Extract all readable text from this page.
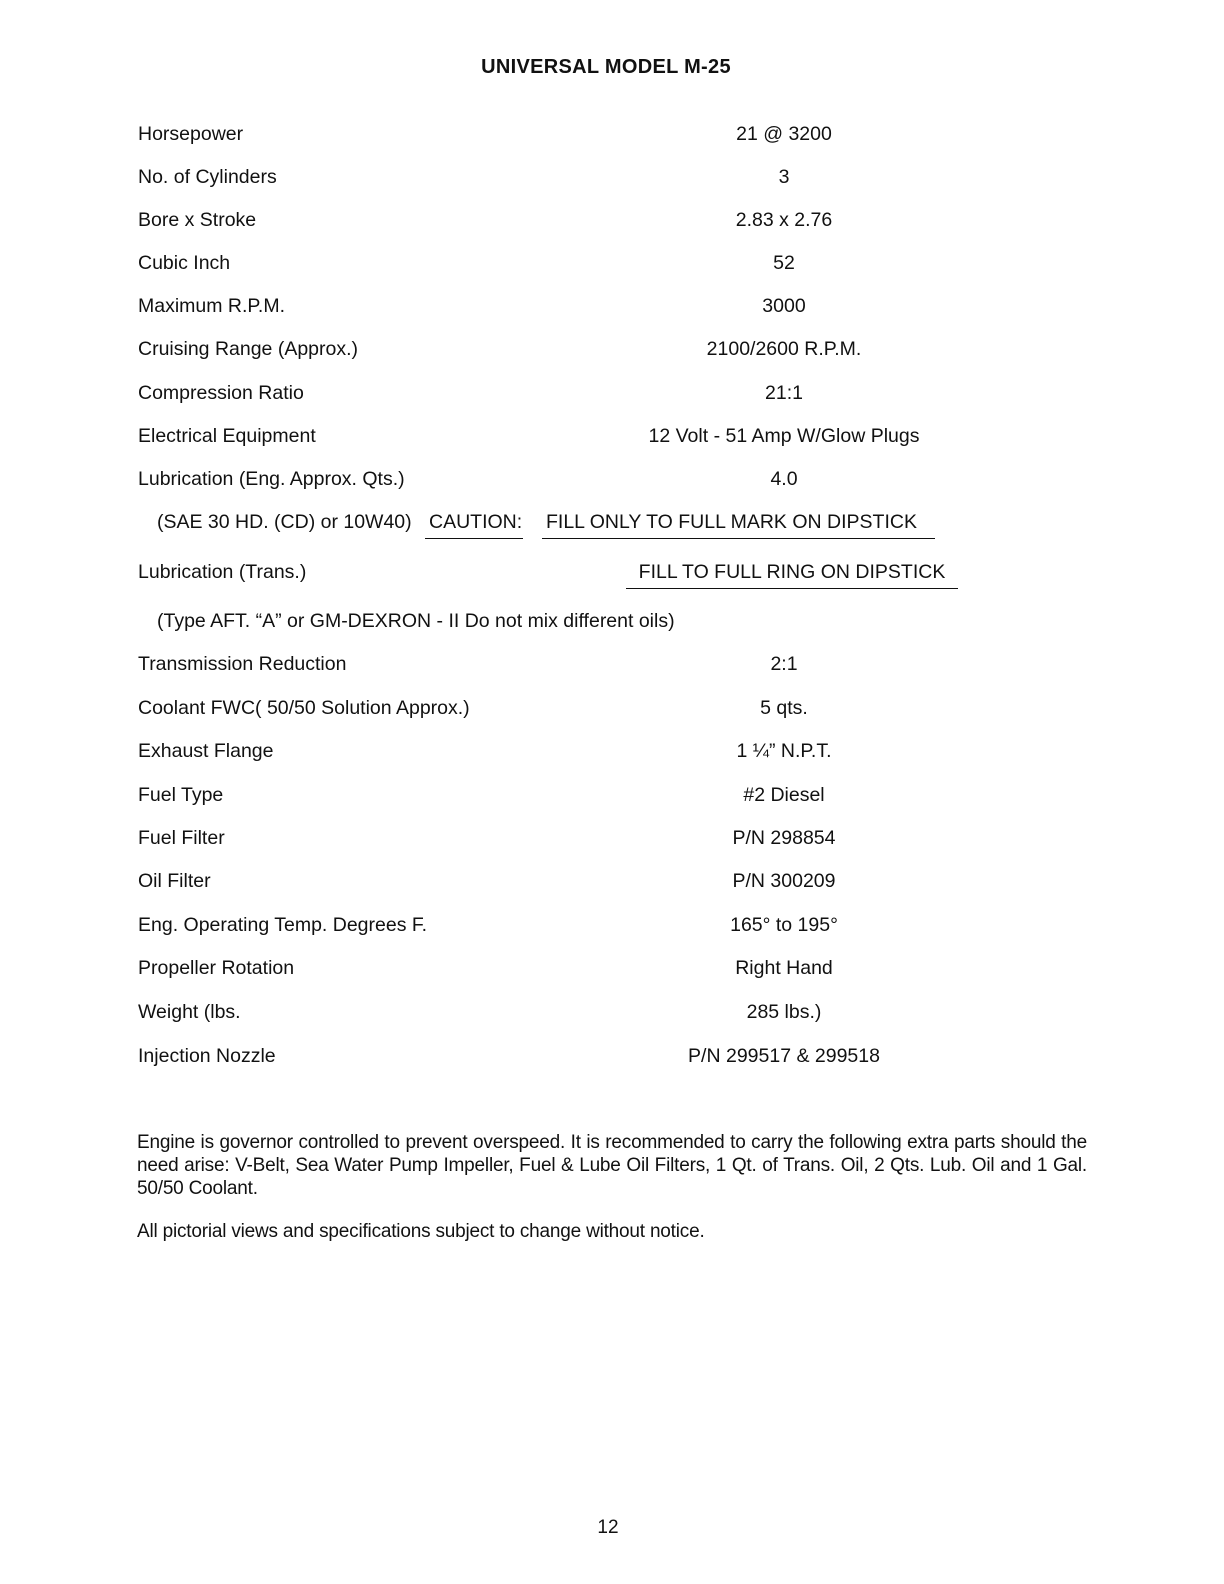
UNIVERSAL MODEL M-25
Horsepower	21 @ 3200
No. of Cylinders	3
Bore x Stroke	2.83 x 2.76
Cubic Inch	52
Maximum R.P.M.	3000
Cruising Range (Approx.)	2100/2600 R.P.M.
Compression Ratio	21:1
Electrical Equipment	12 Volt - 51 Amp W/Glow Plugs
Lubrication (Eng. Approx. Qts.)	4.0
(SAE 30 HD. (CD) or 10W40) CAUTION: FILL ONLY TO FULL MARK ON DIPSTICK
Lubrication (Trans.)	FILL TO FULL RING ON DIPSTICK
(Type AFT. “A” or GM-DEXRON - II Do not mix different oils)
Transmission Reduction	2:1
Coolant FWC( 50/50 Solution Approx.)	5 qts.
Exhaust Flange	1 ¼” N.P.T.
Fuel Type	#2 Diesel
Fuel Filter	P/N 298854
Oil Filter	P/N 300209
Eng. Operating Temp. Degrees F.	165° to 195°
Propeller Rotation	Right Hand
Weight (lbs.	285 lbs.)
Injection Nozzle	P/N 299517 & 299518

Engine is governor controlled to prevent overspeed. It is recommended to carry the following extra parts should the need arise: V-Belt, Sea Water Pump Impeller, Fuel & Lube Oil Filters, 1 Qt. of Trans. Oil, 2 Qts. Lub. Oil and 1 Gal. 50/50 Coolant.

All pictorial views and specifications subject to change without notice.

12
